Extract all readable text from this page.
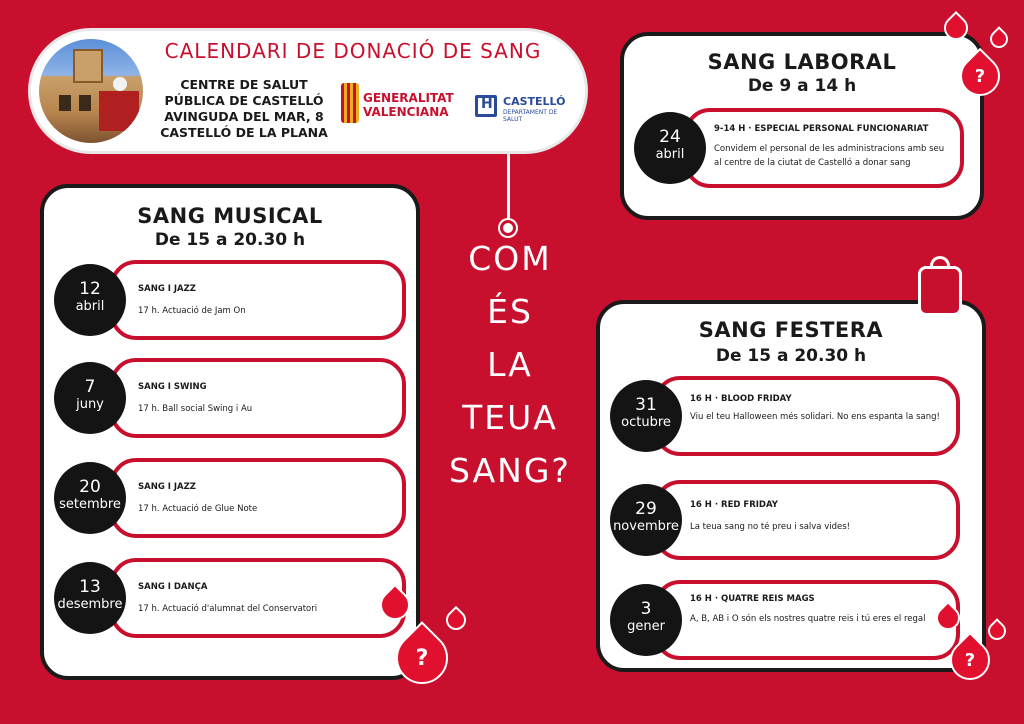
CALENDARI DE DONACIÓ DE SANG
CENTRE DE SALUT
PÚBLICA DE CASTELLÓ
AVINGUDA DEL MAR, 8
CASTELLÓ DE LA PLANA
GENERALITAT
VALENCIANA
H
CASTELLÓ
DEPARTAMENT DE SALUT
COM
ÉS
LA
TEUA
SANG?
SANG MUSICAL
De 15 a 20.30 h
12
abril
SANG I JAZZ
17 h. Actuació de Jam On
7
juny
SANG I SWING
17 h. Ball social Swing i Au
20
setembre
SANG I JAZZ
17 h. Actuació de Glue Note
13
desembre
SANG I DANÇA
17 h. Actuació d'alumnat del Conservatori
SANG LABORAL
De 9 a 14 h
24
abril
9-14 H · ESPECIAL PERSONAL FUNCIONARIAT
Convidem el personal de les administracions amb seu al centre de la ciutat de Castelló a donar sang
SANG FESTERA
De 15 a 20.30 h
31
octubre
16 H · BLOOD FRIDAY
Viu el teu Halloween més solidari. No ens espanta la sang!
29
novembre
16 H · RED FRIDAY
La teua sang no té preu i salva vides!
3
gener
16 H · QUATRE REIS MAGS
A, B, AB i O són els nostres quatre reis i tú eres el regal
?
?	?
